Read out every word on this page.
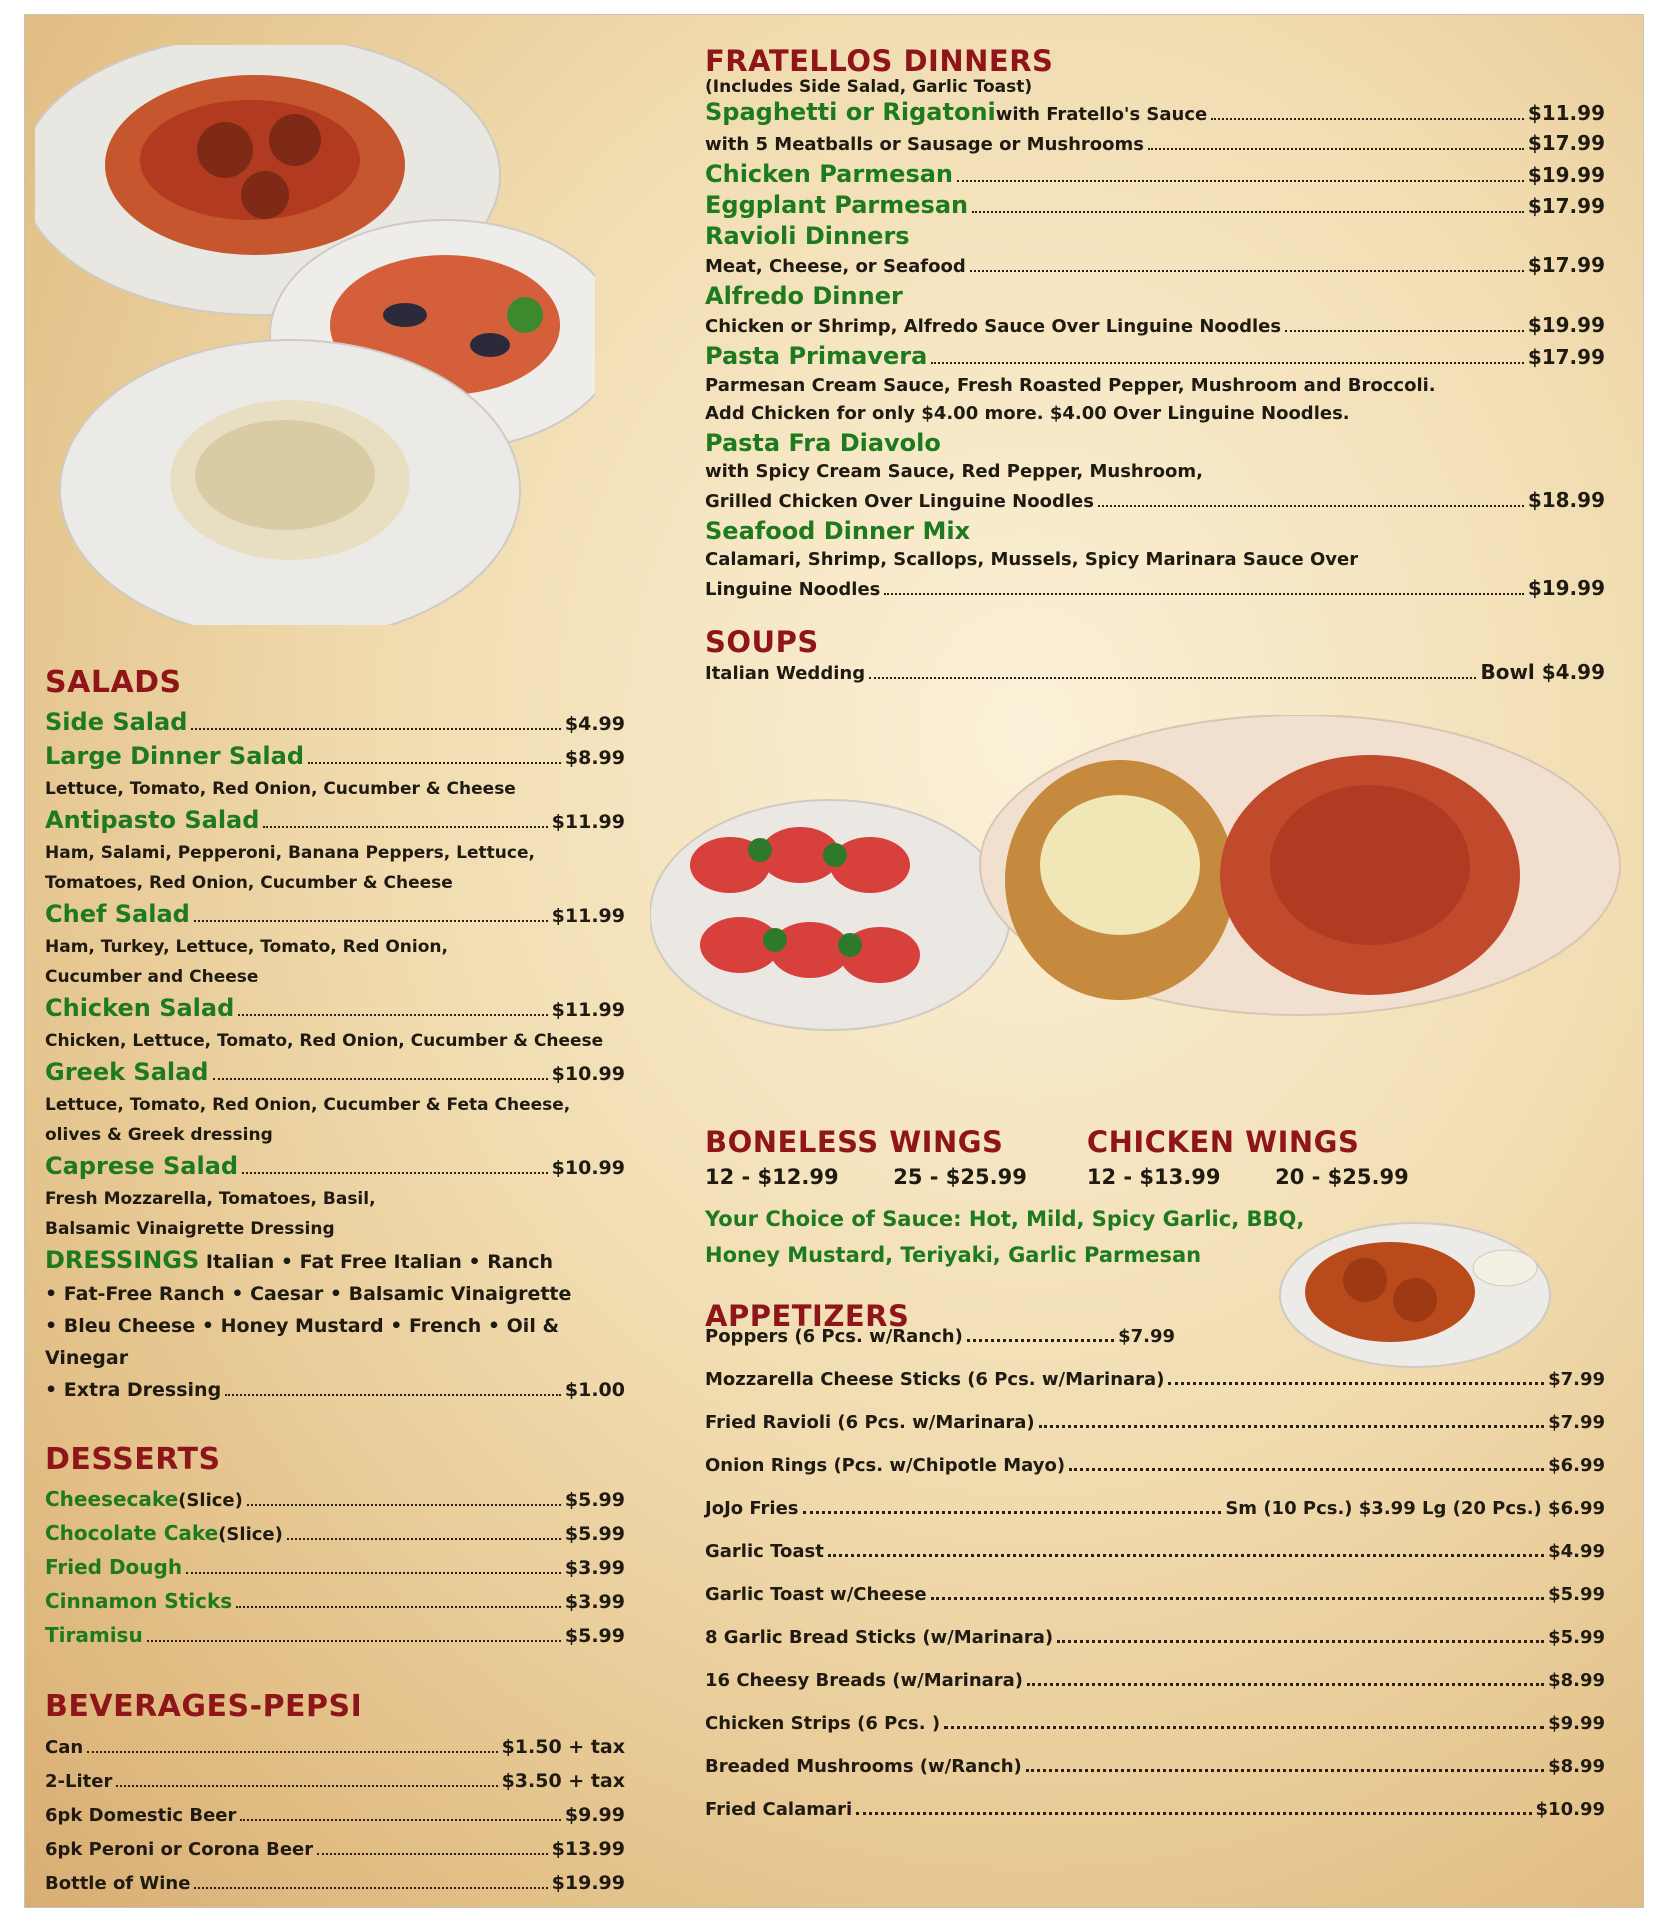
SALADS
Side Salad	$4.99
Large Dinner Salad	$8.99
Lettuce, Tomato, Red Onion, Cucumber & Cheese
Antipasto Salad	$11.99
Ham, Salami, Pepperoni, Banana Peppers, Lettuce,
Tomatoes, Red Onion, Cucumber & Cheese
Chef Salad	$11.99
Ham, Turkey, Lettuce, Tomato, Red Onion,
Cucumber and Cheese
Chicken Salad	$11.99
Chicken, Lettuce, Tomato, Red Onion, Cucumber & Cheese
Greek Salad	$10.99
Lettuce, Tomato, Red Onion, Cucumber & Feta Cheese,
olives & Greek dressing
Caprese Salad	$10.99
Fresh Mozzarella, Tomatoes, Basil,
Balsamic Vinaigrette Dressing
DRESSINGS Italian • Fat Free Italian • Ranch
• Fat-Free Ranch • Caesar • Balsamic Vinaigrette
• Bleu Cheese • Honey Mustard • French • Oil & Vinegar
• Extra Dressing	$1.00
DESSERTS
Cheesecake (Slice)	$5.99
Chocolate Cake (Slice)	$5.99
Fried Dough	$3.99
Cinnamon Sticks	$3.99
Tiramisu	$5.99
BEVERAGES-PEPSI
Can	$1.50 + tax
2-Liter	$3.50 + tax
6pk Domestic Beer	$9.99
6pk Peroni or Corona Beer	$13.99
Bottle of Wine	$19.99
FRATELLOS DINNERS
(Includes Side Salad, Garlic Toast)
Spaghetti or Rigatoni with Fratello's Sauce	$11.99
with 5 Meatballs or Sausage or Mushrooms	$17.99
Chicken Parmesan	$19.99
Eggplant Parmesan	$17.99
Ravioli Dinners
Meat, Cheese, or Seafood	$17.99
Alfredo Dinner
Chicken or Shrimp, Alfredo Sauce Over Linguine Noodles	$19.99
Pasta Primavera	$17.99
Parmesan Cream Sauce, Fresh Roasted Pepper, Mushroom and Broccoli.
Add Chicken for only $4.00 more. $4.00 Over Linguine Noodles.
Pasta Fra Diavolo
with Spicy Cream Sauce, Red Pepper, Mushroom,
Grilled Chicken Over Linguine Noodles	$18.99
Seafood Dinner Mix
Calamari, Shrimp, Scallops, Mussels, Spicy Marinara Sauce Over
Linguine Noodles	$19.99
SOUPS
Italian Wedding	Bowl $4.99
BONELESS WINGS
12 - $12.99	25 - $25.99
CHICKEN WINGS
12 - $13.99	20 - $25.99
Your Choice of Sauce: Hot, Mild, Spicy Garlic, BBQ,
Honey Mustard, Teriyaki, Garlic Parmesan
APPETIZERS
Poppers (6 Pcs. w/Ranch)	$7.99
Mozzarella Cheese Sticks (6 Pcs. w/Marinara)	$7.99
Fried Ravioli (6 Pcs. w/Marinara)	$7.99
Onion Rings (Pcs. w/Chipotle Mayo)	$6.99
JoJo Fries	Sm (10 Pcs.) $3.99 Lg (20 Pcs.) $6.99
Garlic Toast	$4.99
Garlic Toast w/Cheese	$5.99
8 Garlic Bread Sticks (w/Marinara)	$5.99
16 Cheesy Breads (w/Marinara)	$8.99
Chicken Strips (6 Pcs. )	$9.99
Breaded Mushrooms (w/Ranch)	$8.99
Fried Calamari	$10.99
